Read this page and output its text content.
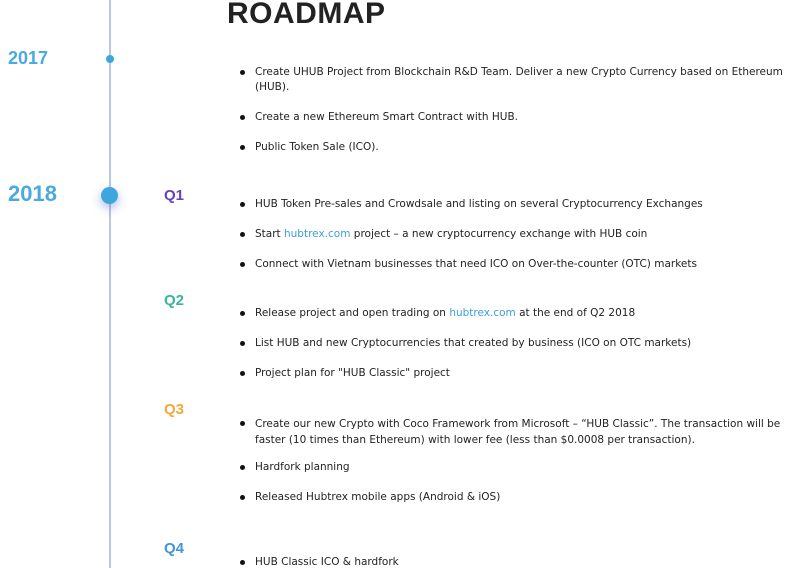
ROADMAP
2017
2018
Create UHUB Project from Blockchain R&D Team. Deliver a new Crypto Currency based on Ethereum (HUB).
Create a new Ethereum Smart Contract with HUB.
Public Token Sale (ICO).
Q1	HUB Token Pre-sales and Crowdsale and listing on several Cryptocurrency Exchanges
Start hubtrex.com project – a new cryptocurrency exchange with HUB coin
Connect with Vietnam businesses that need ICO on Over-the-counter (OTC) markets
Q2
Release project and open trading on hubtrex.com at the end of Q2 2018
List HUB and new Cryptocurrencies that created by business (ICO on OTC markets)
Project plan for "HUB Classic" project
Q3
Create our new Crypto with Coco Framework from Microsoft – “HUB Classic”. The transaction will be faster (10 times than Ethereum) with lower fee (less than $0.0008 per transaction).
Hardfork planning
Released Hubtrex mobile apps (Android & iOS)
Q4
HUB Classic ICO & hardfork
